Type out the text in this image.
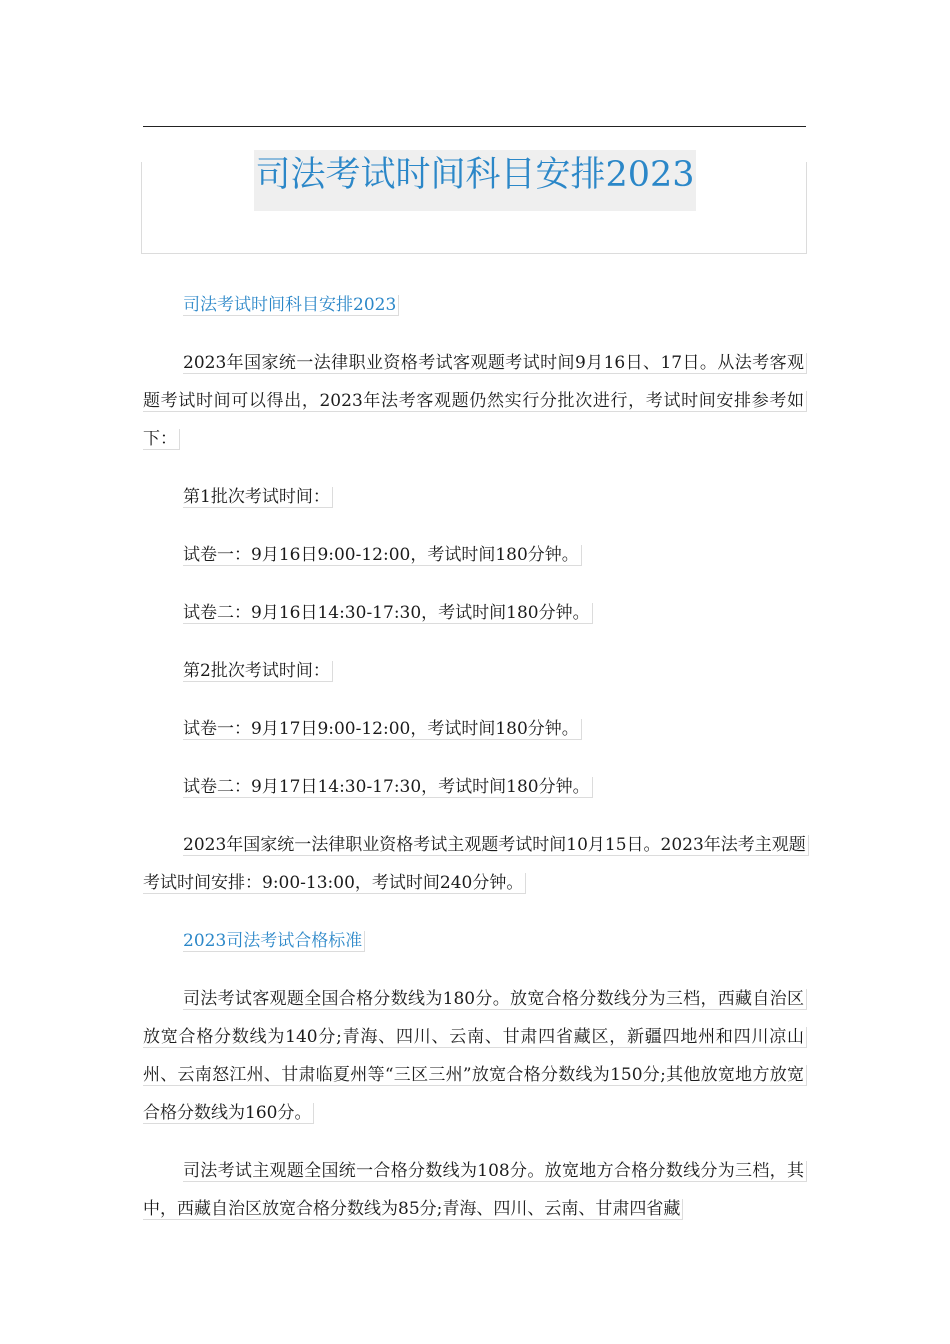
司法考试时间科目安排2023

司法考试时间科目安排2023

2023年国家统一法律职业资格考试客观题考试时间9月16日、17日。从法考客观题考试时间可以得出，2023年法考客观题仍然实行分批次进行，考试时间安排参考如下：

第1批次考试时间：

试卷一：9月16日9:00-12:00，考试时间180分钟。

试卷二：9月16日14:30-17:30，考试时间180分钟。

第2批次考试时间：

试卷一：9月17日9:00-12:00，考试时间180分钟。

试卷二：9月17日14:30-17:30，考试时间180分钟。

2023年国家统一法律职业资格考试主观题考试时间10月15日。2023年法考主观题考试时间安排：9:00-13:00，考试时间240分钟。

2023司法考试合格标准

司法考试客观题全国合格分数线为180分。放宽合格分数线分为三档，西藏自治区放宽合格分数线为140分;青海、四川、云南、甘肃四省藏区，新疆四地州和四川凉山州、云南怒江州、甘肃临夏州等“三区三州”放宽合格分数线为150分;其他放宽地方放宽合格分数线为160分。

司法考试主观题全国统一合格分数线为108分。放宽地方合格分数线分为三档，其中，西藏自治区放宽合格分数线为85分;青海、四川、云南、甘肃四省藏
